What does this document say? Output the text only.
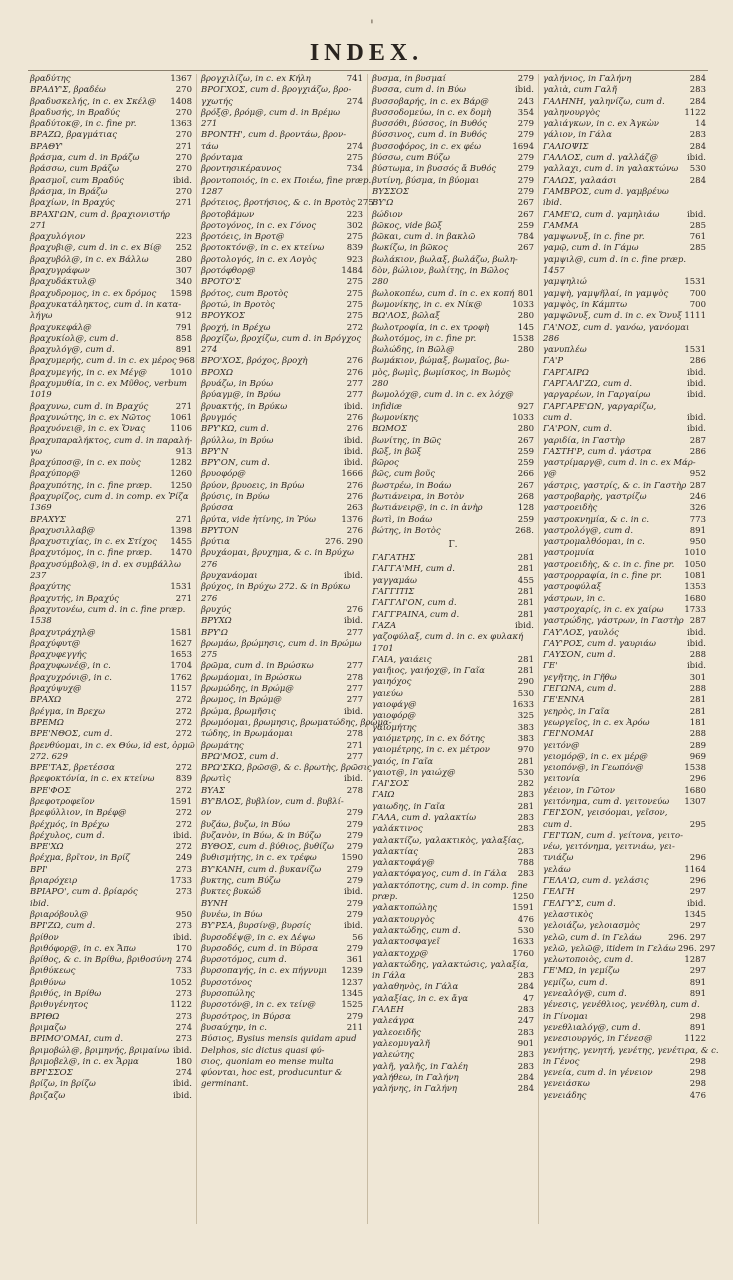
'
INDEX.
βραδύτης	1367
ΒΡΑΔΥ'Σ, βραδέω	270
βραδυσκελής, in c. ex Σκέλ@ 1408
βραδυσής, in Βραδύς	270
βραδύτοκ@, in c. fine pr.	1363
ΒΡΑΖΩ, βραγμάτιας	270
ΒΡΑΘΥ'	271
βράσμα, cum d. in Βράζω	270
βράσσω, cum Βράζω	270
βρασμοῖ, cum Βραδύς	ibid.
βράσμα, in Βράζω	270
βραχίων, in Βραχύς	271
ΒΡΑΧΙ'ΩΝ, cum d. βραχιονιστήρ
271
βραχυλόγιον	223
βραχυβι@, cum d. in c. ex Βί@ 252
βραχυβόλ@, in c. ex Βάλλω	280
βραχυγράφων	307
βραχυδάκτυλ@	340
βραχυδρομος, in c. ex δρόμος 1598
βραχυκατάληκτος, cum d. in κατα-
λήγω	912
βραχυκεφάλ@	791
βραχυκίολ@, cum d.	858
βραχυλόγ@, cum d.	891
βραχυμερής, cum d. in c. ex μέρος 968
βραχυμεγής, in c. ex Μέγ@	1010
βραχυμυθία, in c. ex Μῦθος, verbum
1019
βραχυνω, cum d. in Βραχύς	271
βραχυνώτης, in c. ex Νῶτος 1061
βραχυόνει@, in c. ex Ὄνας	1106
βραχυπαραλήκτος, cum d. in παραλή-
γω	913
βραχύποσ@, in c. ex ποὺς	1282
βραχύπορ@	1260
βραχυπότης, in c. fine præp. 1250
βραχυρίζος, cum d. in comp. ex Ῥίζα
1369
ΒΡΑΧΥΣ	271
βραχυσιλλαβ@	1398
βραχυστιχίας, in c. ex Στίχος 1455
βραχυτόμος, in c. fine præp. 1470
βραχυσύμβολ@, in d. ex συμβάλλω
237
βραχύτης	1531
βραχυτής, in Βραχύς	271
βραχυτονέω, cum d. in c. fine præp.
1538
βραχυτράχηλ@	1581
βραχύφυτ@	1627
βραχυφεγγής	1653
βραχυφωνέ@, in c.	1704
βραχυχρόνι@, in c.	1762
βραχύψυχ@	1157
ΒΡΑΧΩ	272
βρέγμα, in Βρεχω	272
ΒΡΕΜΩ	272
ΒΡΕ'ΝΘΟΣ, cum d.	272
βρενθύομαι, in c. ex Θύω, id est, ὀρμῶ
272. 629
ΒΡΕ'ΤΑΣ, βρετέσσα	272
βρεφοκτόνία, in c. ex κτείνω	839
ΒΡΕ'ΦΟΣ	272
βρεφοτροφεῖον	1591
βρεφύλλιον, in Βρέφ@	272
βρέχμός, in Βρέχω	272
βρέχυλος, cum d.	ibid.
ΒΡΕ'ΧΩ	272
βρέχμα, βρῖτον, in Βρίζ	249
ΒΡΙ'	273
βριαρόχειρ	1733
ΒΡΙΑΡΟ', cum d. βρίαρός	273
ibid.
βριαρόβουλ@	950
ΒΡΙ'ΖΩ, cum d.	273
βρίθον	ibid.
βριθόφορ@, in c. ex Ἄπω	170
βρίθος, & c. in Βρίθω, βριθοσύνη 274
βριθύκεως	733
βριθύνω	1052
βριθύς, in Βρίθω	273
βριθυγένητος	1122
ΒΡΙΘΩ	273
βριμαζω	274
ΒΡΙΜΟ'ΟΜΑΙ, cum d.	273
βριμοβώλ@, βριμηνής, βριμαίνω ibid.
βριμοβελ@, in c. ex Ἄρμα	180
ΒΡΙ'ΣΣΟΣ	274
βρίζω, in βρίζω	ibid.
βριζαζω	ibid.
βρογχιλίζω, in c. ex Κήλη	741
ΒΡΟΓΧΟΣ, cum d. βρογχιάζω, βρο-
γχωτής	274
βρόξ@, βρόμ@, cum d. in Βρέμω
271
ΒΡΟΝΤΗ', cum d. βροντάω, βρον-
τάω	274
βρόνταμα	275
βροντησικέραυνος	734
βροντοποιός, in c. ex Ποιέω, fine præp.
1287
βρότειος, βροτήσιος, & c. in Βροτὸς 275
βροτοβάμων	223
βροτογόνος, in c. ex Γόνος	302
βροτόεις, in Βροτ@	275
βροτοκτόν@, in c. ex κτείνω	839
βροτολογός, in c. ex Λογὸς	923
βροτόφθορ@	1484
ΒΡΟΤΟ'Σ	275
βρότος, cum Βροτὸς	275
βροτώ, in Βροτὸς	275
ΒΡΟΥΚΟΣ	275
βροχή, in Βρέχω	272
βροχίζω, βροχίζω, cum d. in Βρόγχος
274
ΒΡΟ'ΧΟΣ, βρόχος, βροχὴ	276
ΒΡΟΧΩ	276
βρυάζω, in Βρύω	277
βρύαγμ@, in Βρύω	277
βρυακτής, in Βρύκω	ibid.
βρυγμός	276
ΒΡΥ'ΚΩ, cum d.	276
βρύλλω, in Βρύω	ibid.
ΒΡΥ'Ν	ibid.
ΒΡΥ'ΟΝ, cum d.	ibid.
βρυοφόρ@	1666
βρύον, βρυοεις, in Βρύω	276
βρύσις, in Βρύω	276
βρύσσα	263
βρύτα, vide ἡτίνης, in Ῥύω	1376
ΒΡΥΤΟΝ	276
βρύτια	276. 290
βρυχάομαι, βρυχημα, & c. in Βρύχω
276
βρυχανάομαι	ibid.
βρύχος, in Βρύχω 272. & in Βρύκω
276
βρυχύς	276
ΒΡΥΧΩ	ibid.
ΒΡΥ'Ω	277
βρωμάω, βρώμησις, cum d. in Βρώμω
275
βρῶμα, cum d. in Βρώσκω	277
βρωμάομαι, in Βρώσκω	278
βρωμώδης, in Βρώμ@	277
βρωμος, in Βρώμ@	277
βρώμα, βρωμῆσις	ibid.
βρωμόομαι, βρωμησις, βρωματώδης, βρωμα-
τώδης, in Βρωμάομαι	278
βρωμάτης	271
ΒΡΩ'ΜΟΣ, cum d.	277
ΒΡΩ'ΣΚΩ, βρῶσ@, & c. βρωτὴς, βρῶσις
βρωτὶς	ibid.
ΒΥΑΣ	278
ΒΥ'ΒΛΟΣ, βυβλίον, cum d. βυβλί-
ον	279
βυζάω, βυζω, in Βύω	279
βυζανὸν, in Βύω, & in Βύζω	279
ΒΥΘΟΣ, cum d. βύθιος, βυθίζω 279
βυθισμήτης, in c. ex τρέφω	1590
ΒΥ'ΚΑΝΗ, cum d. βυκανίζω	279
βυκτης, cum Βύζω	279
βυκτες βυκώδ	ibid.
ΒΥΝΗ	279
βυνέω, in Βύω	279
ΒΥ'ΡΣΑ, βυρσίν@, βυρσίς	ibid.
βυρσοδέψ@, in c. ex Δέψω	56
βυρσοδός, cum d. in Βύρσα	279
βυρσοτόμος, cum d.	361
βυρσοπαγής, in c. ex πήγνυμι 1239
βυρσοτόνος	1237
βυρσοπώλης	1345
βυρσοτόν@, in c. ex τείν@	1525
βυρσότρος, in Βύρσα	279
βυσαύχην, in c.	211
Βύσιος, Bysius mensis quidam apud
Delphos, sic dictus quasi φύ-
σιος, quoniam eo mense multa
φύονται, hoc est, producuntur &
germinant.
βυσμα, in βυσμαί	279
βυσσα, cum d. in Βύω	ibid.
βυσσοβαρής, in c. ex Βάρ@	243
βυσσοδομεύω, in c. ex δομὴ	354
βυσσόθι, βύσσος, in Βυθός	279
βύσσινος, cum d. in Βυθός	279
βυσσοϕόρος, in c. ex φέω	1694
βύσσω, cum Βύζω	279
βύστωμα, in βυσσός ἄ Βυθός	279
βυτίνη, βύσμα, in βύομαι	279
ΒΥΣΣΟΣ	279
ΒΥ'Ω	267
βώδιον	267
βῶκος, vide βῶξ	259
βῶκαι, cum d. in βακλῶ	784
βωκίζω, in βῶκος	267
βωλάκιον, βωλαξ, βωλάζω, βωλη-
δὸν, βώλιον, βωλίτης, in Βῶλος
280
βωλοκοπέω, cum d. in c. ex κοπή 801
βωμονίκης, in c. ex Νίκ@	1033
ΒΩ'ΛΟΣ, βῶλαξ	280
βωλοτροφία, in c. ex τροφὴ	145
βωλοτόμος, in c. fine pr.	1538
βωλώδης, in Βῶλ@	280
βωμάκιον, βώμαξ, βωμαῖος, βω-
μὸς, βωμὶς, βωμίσκος, in Βωμὸς
280
βωμολόχ@, cum d. in c. ex λόχ@
infidiæ	927
βωμονίκης	1033
ΒΩΜΟΣ	280
βωνίτης, in Βῶς	267
βῶξ, in βῶξ	259
βῶρος	259
βῶς, cum βοῦς	266
βωστρέω, in Βοάω	267
βωτιάνειρα, in Βοτὸν	268
βωτιάνειρ@, in c. in ἀνὴρ	128
βωτὶ, in Βοάω	259
βώτης, in Βοτὸς	268.
Γ.
ΓΑΓΑΤΗΣ	281
ΓΑΓΓΑ'ΜΗ, cum d.	281
γαγγαμάω	455
ΓΑΓΓΙΤΙΣ	281
ΓΑΓΓΛΙ'ΟΝ, cum d.	281
ΓΑΓΓΡΑΙΝΑ, cum d.	281
ΓΑΖΑ	ibid.
γαζοφύλαξ, cum d. in c. ex φυλακή
1701
ΓΑΙΑ, γαιάεις	281
γαιῆιος, γαιήοχ@, in Γαῖα	281
γαιηόχος	290
γαιεύω	530
γαιοφάγ@	1633
γαιοφόρ@	325
γαιομήτης	383
γαιόμετρης, in c. ex δότης	383
γαιομέτρης, in c. ex μέτρον	970
γαιός, in Γαῖα	281
γαιοτ@, in γαιώχ@	530
ΓΑΙ'ΣΟΣ	282
ΓΑΙΩ	283
γαιωδης, in Γαῖα	281
ΓΑΛΑ, cum d. γαλακτίω	283
γαλάκτινος	283
γαλακτίζω, γαλακτικὸς, γαλαξίας,
γαλακτίας	283
γαλακτοφάγ@	788
γαλακτόφαγος, cum d. in Γάλα 283
γαλακτόποτης, cum d. in comp. fine
præp.	1250
γαλακτοπώλης	1591
γαλακτουργὸς	476
γαλακτώδης, cum d.	530
γαλακτοσφαγεῖ	1633
γαλακτοχρ@	1760
γαλακτώδης, γαλακτώσις, γαλαξία,
in Γάλα	283
γαλαθηνὸς, in Γάλα	284
γαλαξίας, in c. ex ἄγα	47
ΓΑΛΕΗ	283
γαλεάγρα	247
γαλεοειδῆς	283
γαλεομυγαλῆ	901
γαλεώτης	283
γαλῆ, γαλῆς, in Γαλέη	283
γαλήθεω, in Γαλήνη	284
γαλήνης, in Γαλήνη	284
γαλήνιος, in Γαλήνη	284
γαλιὰ, cum Γαλῆ	283
ΓΑΛΗΝΗ, γαληνίζω, cum d.	284
γαληνουργὸς	1122
γαλιάγκων, in c. ex Ἀγκὼν	14
γάλιον, in Γάλα	283
ΓΑΛΙΟΨΙΣ	284
ΓΑΛΛΟΣ, cum d. γαλλάζ@	ibid.
γαλλαχι, cum d. in γαλακτώνω 530
ΓΑΛΩΣ, γαλαάσι	284
ΓΑΜΒΡΟΣ, cum d. γαμβρέυω
ibid.
ΓΑΜΕ'Ω, cum d. γαμηλιάω	ibid.
ΓΑΜΜΑ	285
γαμψωνυξ, in c. fine pr.	761
γαμῷ, cum d. in Γάμω	285
γαμψιλ@, cum d. in c. fine præp.
1457
γαμψηλιώ	1531
γαμψὴ, γαμψῆλαί, in γαμψὸς	700
γαμψὸς, in Κάμπτω	700
γαμψῶνυξ, cum d. in c. ex Ὄνυξ 1111
ΓΑ'ΝΟΣ, cum d. γανόω, γανόομαι
286
γανυπλέω	1531
ΓΑ'Ρ	286
ΓΑΡΓΑΙΡΩ	ibid.
ΓΑΡΓΑΛΙ'ΖΩ, cum d.	ibid.
γαργαρέων, in Γαργαίρω	ibid.
ΓΑΡΓΑΡΕ'ΩΝ, γαργαρίζω,
cum d.	ibid.
ΓΑ'ΡΟΝ, cum d.	ibid.
γαριδία, in Γαστὴρ	287
ΓΑΣΤΗ'Ρ, cum d. γάστρα	286
γαστρίμαργ@, cum d. in c. ex Μάρ-
γ@	952
γάστρις, γαστρίς, & c. in Γαστὴρ 287
γαστροβαρὴς, γαστρίζω	246
γαστροειδὴς	326
γαστροκνημία, & c. in c.	773
γαστρολόγ@, cum d.	891
γαστρομαλθόομαι, in c.	950
γαστρομυία	1010
γαστροειδὴς, & c. in c. fine pr. 1050
γαστρορραφία, in c. fine pr.	1081
γαστροφύλαξ	1353
γάστρων, in c.	1680
γαστροχαρίς, in c. ex χαίρω 1733
γαστρώδης, γάστρων, in Γαστὴρ 287
ΓΑΥ'ΛΟΣ, γαυλός	ibid.
ΓΑΥ'ΡΟΣ, cum d. γαυριάω	ibid.
ΓΑΥΣΟΝ, cum d.	288
ΓΕ'	ibid.
γεγῆτης, in Γῆθω	301
ΓΕΓΩΝΑ, cum d.	288
ΓΕ'ΕΝΝΑ	281
γεηρὸς, in Γαῖα	281
γεωργεῖος, in c. ex Ἀρόω	181
ΓΕΙ'ΝΟΜΑΙ	288
γειτόν@	289
γειομόρ@, in c. ex μέρ@	969
γειοπόν@, in Γεωπόν@	1538
γειτονία	296
γέειον, in Γῶτον	1680
γειτόνημα, cum d. γειτονεύω 1307
ΓΕΙ'ΣΟΝ, γεισόομαι, γεῖσον,
cum d.	295
ΓΕΙ'ΤΩΝ, cum d. γείτονα, γειτο-
νέω, γειτόνημα, γειτνιάω, γει-
τνιάζω	296
γελάω	1164
ΓΕΛΑ'Ω, cum d. γελάσις	296
ΓΕΛΓΗ	297
ΓΕΛΓΥ'Σ, cum d.	ibid.
γελαστικὸς	1345
γελοιάζω, γελοιασμὸς	297
γελῶ, cum d. in Γελάω	296. 297
γελῶ, γελῶ@, itidem in Γελάω 296. 297
γελωτοποιὸς, cum d.	1287
ΓΕ'ΜΩ, in γεμίζω	297
γεμίζω, cum d.	891
γενεαλόγ@, cum d.	891
γένεσις, γενέθλιος, γενέθλη, cum d.
in Γίνομαι	298
γενεθλιαλόγ@, cum d.	891
γενεσιουργός, in Γένεσ@	1122
γενήτης, γενητή, γενέτης, γενέτιρα, & c.
in Γένος	298
γενεία, cum d. in γένειον	298
γενειάσκω	298
γενειάδης	476
